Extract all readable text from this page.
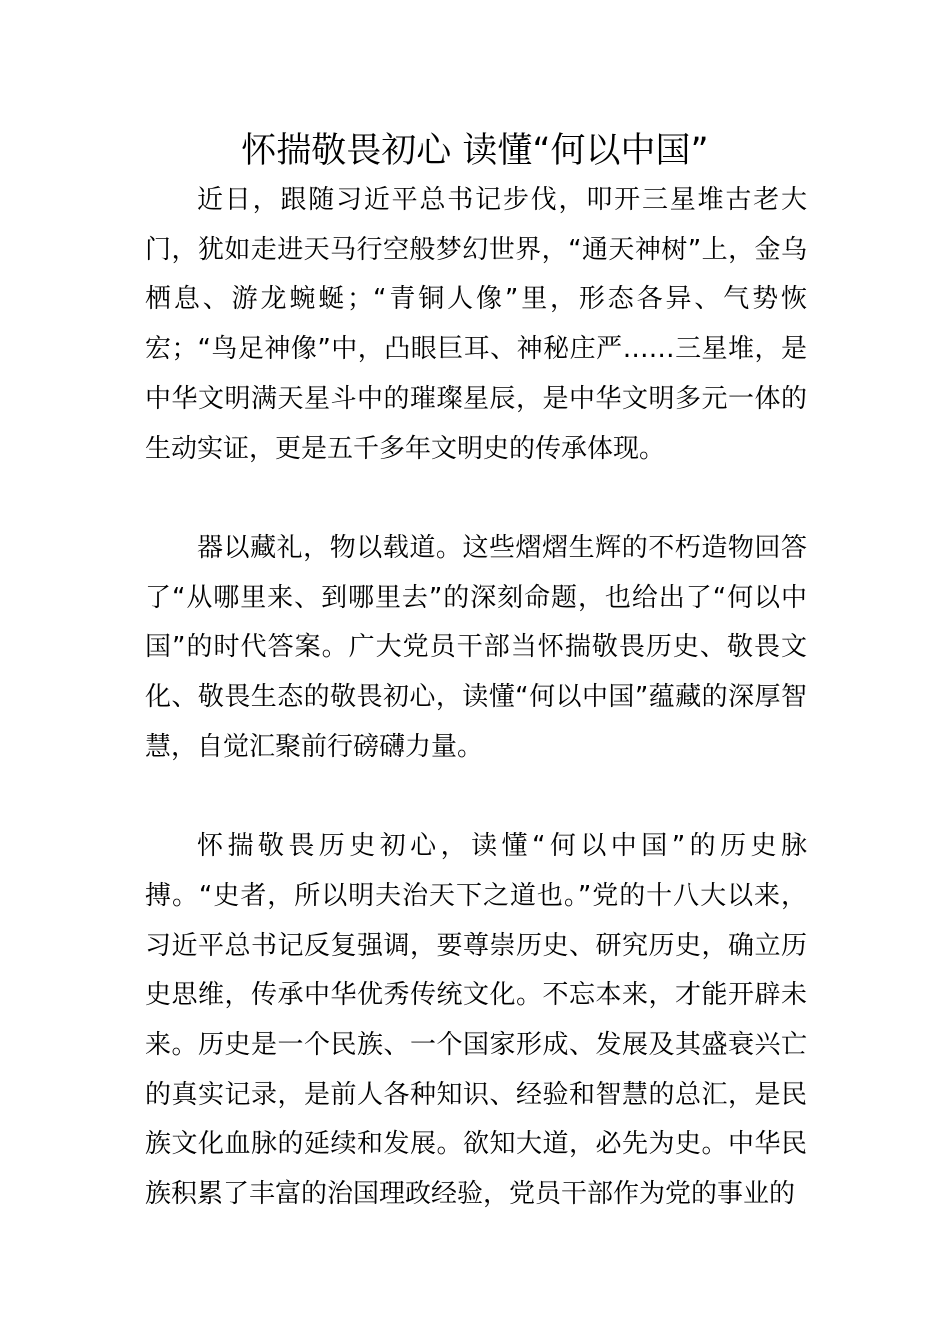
怀揣敬畏初心 读懂“何以中国”

近日，跟随习近平总书记步伐，叩开三星堆古老大门，犹如走进天马行空般梦幻世界，“通天神树”上，金乌栖息、游龙蜿蜒；“青铜人像”里，形态各异、气势恢宏；“鸟足神像”中，凸眼巨耳、神秘庄严……三星堆，是中华文明满天星斗中的璀璨星辰，是中华文明多元一体的生动实证，更是五千多年文明史的传承体现。

器以藏礼，物以载道。这些熠熠生辉的不朽造物回答了“从哪里来、到哪里去”的深刻命题，也给出了“何以中国”的时代答案。广大党员干部当怀揣敬畏历史、敬畏文化、敬畏生态的敬畏初心，读懂“何以中国”蕴藏的深厚智慧，自觉汇聚前行磅礴力量。

怀揣敬畏历史初心，读懂“何以中国”的历史脉搏。“史者，所以明夫治天下之道也。”党的十八大以来，习近平总书记反复强调，要尊崇历史、研究历史，确立历史思维，传承中华优秀传统文化。不忘本来，才能开辟未来。历史是一个民族、一个国家形成、发展及其盛衰兴亡的真实记录，是前人各种知识、经验和智慧的总汇，是民族文化血脉的延续和发展。欲知大道，必先为史。中华民族积累了丰富的治国理政经验，党员干部作为党的事业的
